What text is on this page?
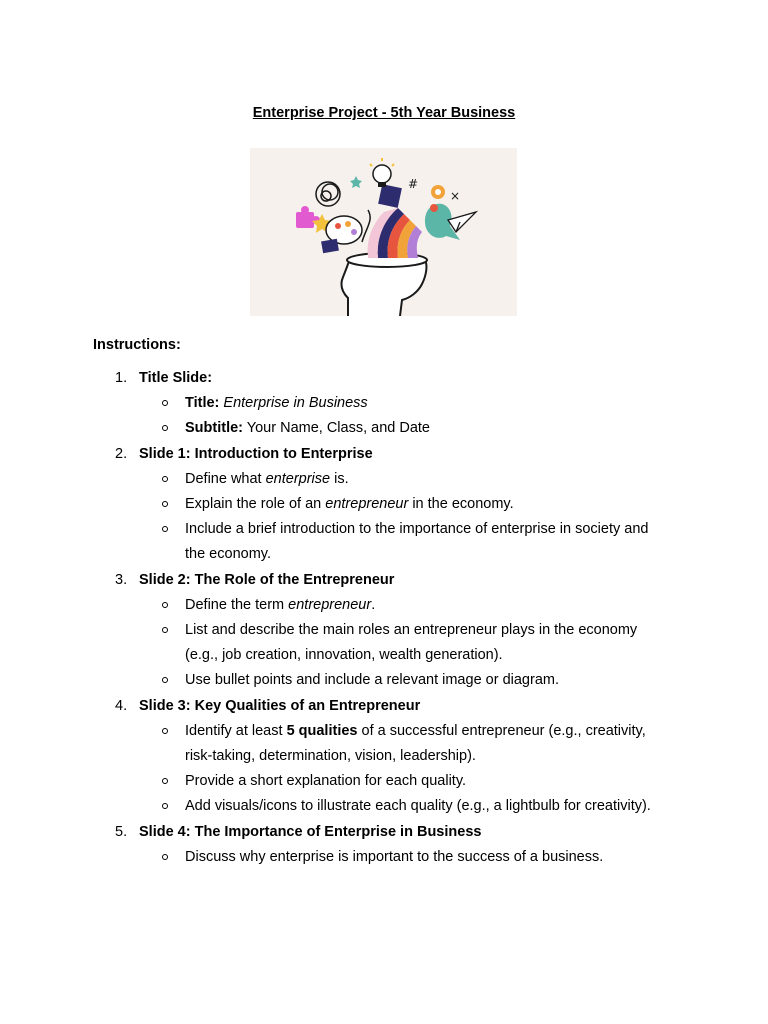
Enterprise Project - 5th Year Business
#
×
Instructions:
1. Title Slide:
Title: Enterprise in Business
Subtitle: Your Name, Class, and Date
2. Slide 1: Introduction to Enterprise
Define what enterprise is.
Explain the role of an entrepreneur in the economy.
Include a brief introduction to the importance of enterprise in society and the economy.
3. Slide 2: The Role of the Entrepreneur
Define the term entrepreneur.
List and describe the main roles an entrepreneur plays in the economy (e.g., job creation, innovation, wealth generation).
Use bullet points and include a relevant image or diagram.
4. Slide 3: Key Qualities of an Entrepreneur
Identify at least 5 qualities of a successful entrepreneur (e.g., creativity, risk-taking, determination, vision, leadership).
Provide a short explanation for each quality.
Add visuals/icons to illustrate each quality (e.g., a lightbulb for creativity).
5. Slide 4: The Importance of Enterprise in Business
Discuss why enterprise is important to the success of a business.
